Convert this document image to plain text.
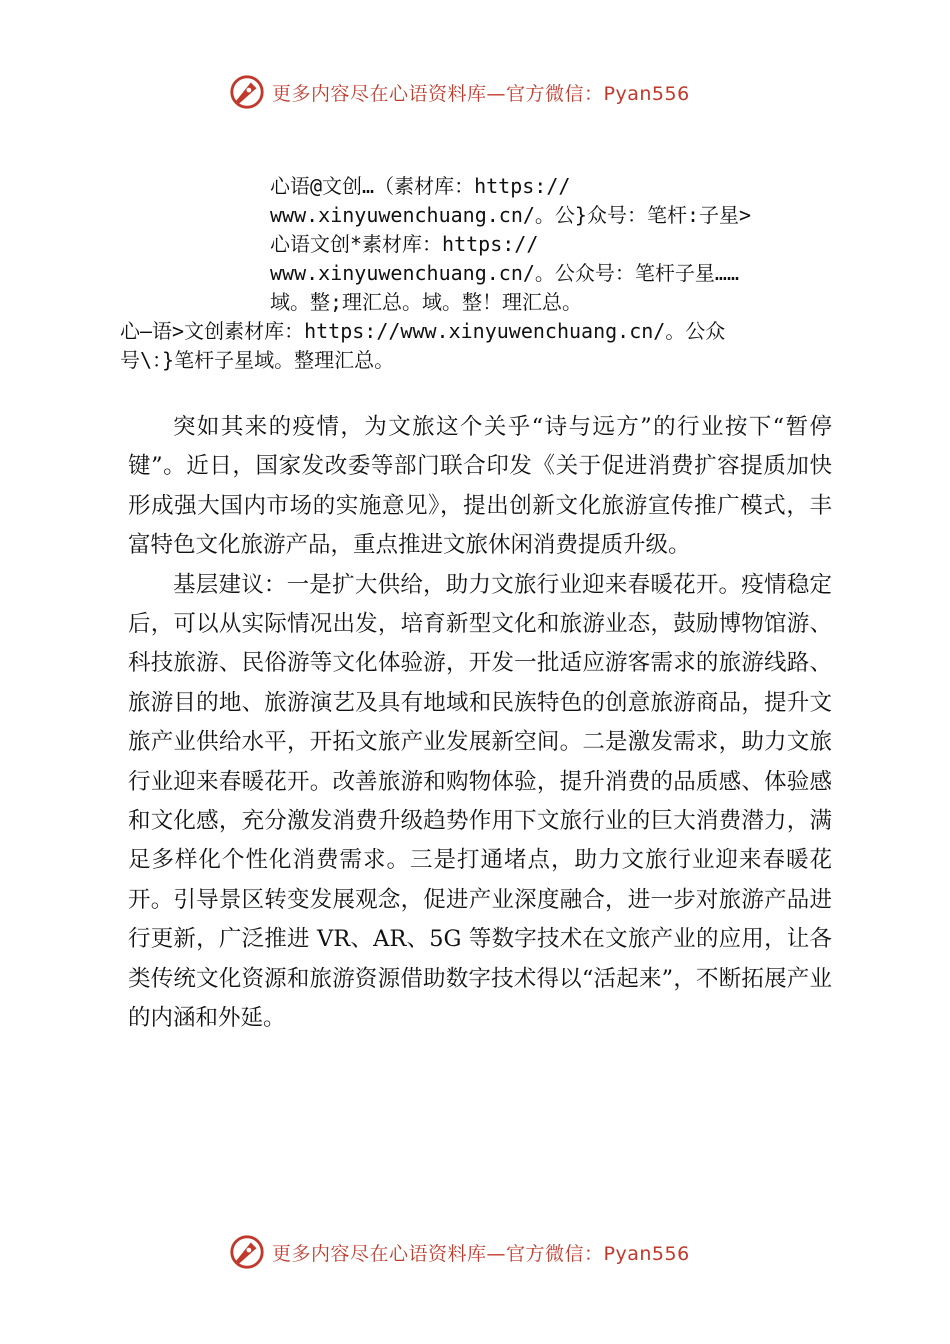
更多内容尽在心语资料库—官方微信：Pyan556
心语@文创…（素材库：https://
www.xinyuwenchuang.cn/。公}众号：笔杆:子星>
心语文创*素材库：https://
www.xinyuwenchuang.cn/。公众号：笔杆子星……
域。整;理汇总。域。整！理汇总。
心—语>文创素材库：https://www.xinyuwenchuang.cn/。公众
号\：}笔杆子星域。整理汇总。

突如其来的疫情，为文旅这个关乎“诗与远方”的行业按下“暂停键”。近日，国家发改委等部门联合印发《关于促进消费扩容提质加快形成强大国内市场的实施意见》，提出创新文化旅游宣传推广模式，丰富特色文化旅游产品，重点推进文旅休闲消费提质升级。

基层建议：一是扩大供给，助力文旅行业迎来春暖花开。疫情稳定后，可以从实际情况出发，培育新型文化和旅游业态，鼓励博物馆游、科技旅游、民俗游等文化体验游，开发一批适应游客需求的旅游线路、旅游目的地、旅游演艺及具有地域和民族特色的创意旅游商品，提升文旅产业供给水平，开拓文旅产业发展新空间。二是激发需求，助力文旅行业迎来春暖花开。改善旅游和购物体验，提升消费的品质感、体验感和文化感，充分激发消费升级趋势作用下文旅行业的巨大消费潜力，满足多样化个性化消费需求。三是打通堵点，助力文旅行业迎来春暖花开。引导景区转变发展观念，促进产业深度融合，进一步对旅游产品进行更新，广泛推进 VR、AR、5G 等数字技术在文旅产业的应用，让各类传统文化资源和旅游资源借助数字技术得以“活起来”，不断拓展产业的内涵和外延。

更多内容尽在心语资料库—官方微信：Pyan556
